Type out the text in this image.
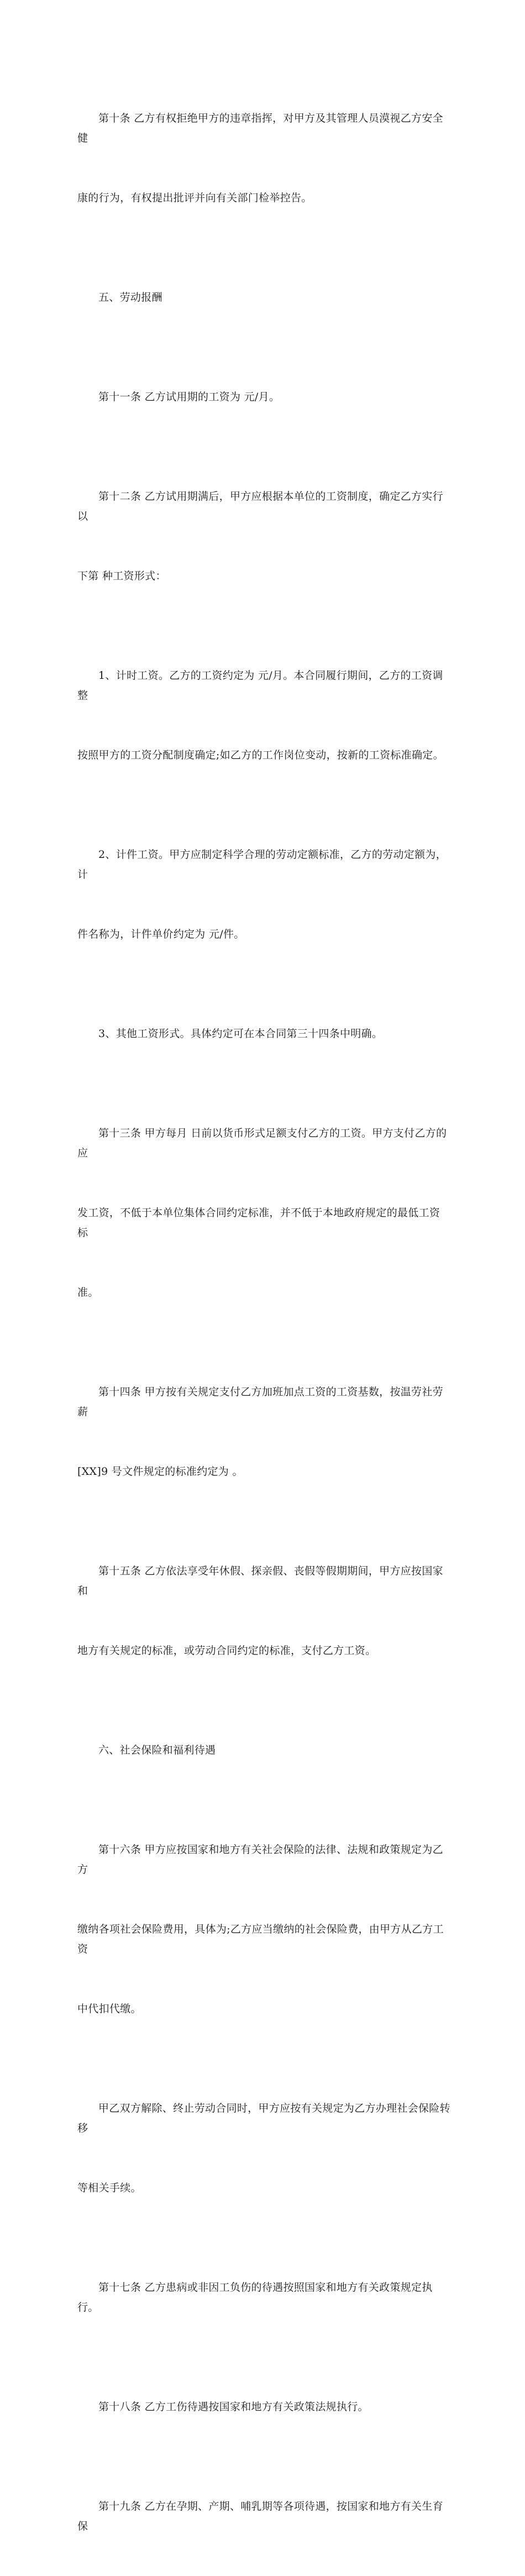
第十条 乙方有权拒绝甲方的违章指挥，对甲方及其管理人员漠视乙方安全健

康的行为，有权提出批评并向有关部门检举控告。

五、劳动报酬

第十一条 乙方试用期的工资为 元/月。

第十二条 乙方试用期满后，甲方应根据本单位的工资制度，确定乙方实行以

下第 种工资形式：

1、计时工资。乙方的工资约定为 元/月。本合同履行期间，乙方的工资调整

按照甲方的工资分配制度确定;如乙方的工作岗位变动，按新的工资标准确定。

2、计件工资。甲方应制定科学合理的劳动定额标准，乙方的劳动定额为，计

件名称为，计件单价约定为 元/件。

3、其他工资形式。具体约定可在本合同第三十四条中明确。

第十三条 甲方每月 日前以货币形式足额支付乙方的工资。甲方支付乙方的应

发工资，不低于本单位集体合同约定标准，并不低于本地政府规定的最低工资标

准。

第十四条 甲方按有关规定支付乙方加班加点工资的工资基数，按温劳社劳薪

[XX]9 号文件规定的标准约定为 。

第十五条 乙方依法享受年休假、探亲假、丧假等假期期间，甲方应按国家和

地方有关规定的标准，或劳动合同约定的标准，支付乙方工资。

六、社会保险和福利待遇

第十六条 甲方应按国家和地方有关社会保险的法律、法规和政策规定为乙方

缴纳各项社会保险费用，具体为;乙方应当缴纳的社会保险费，由甲方从乙方工资

中代扣代缴。

甲乙双方解除、终止劳动合同时，甲方应按有关规定为乙方办理社会保险转移

等相关手续。

第十七条 乙方患病或非因工负伤的待遇按照国家和地方有关政策规定执行。

第十八条 乙方工伤待遇按国家和地方有关政策法规执行。

第十九条 乙方在孕期、产期、哺乳期等各项待遇，按国家和地方有关生育保
